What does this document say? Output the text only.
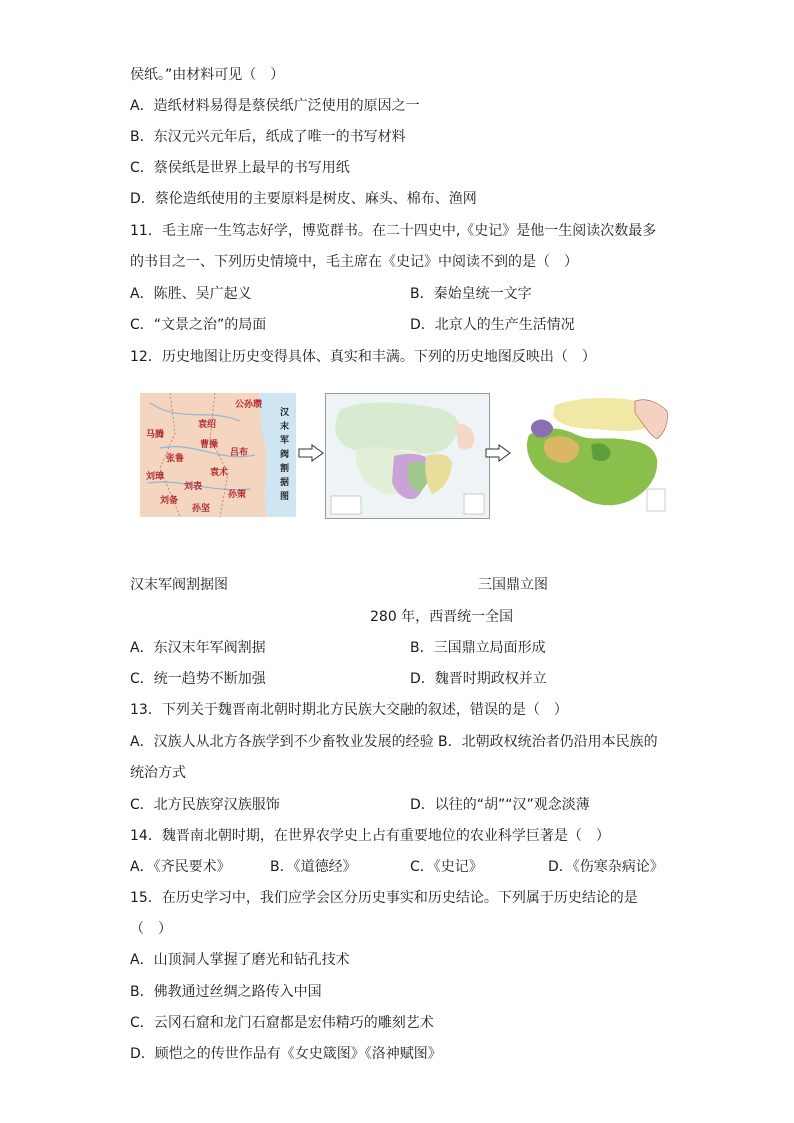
侯纸。”由材料可见（　）
A．造纸材料易得是蔡侯纸广泛使用的原因之一
B．东汉元兴元年后，纸成了唯一的书写材料
C．蔡侯纸是世界上最早的书写用纸
D．蔡伦造纸使用的主要原料是树皮、麻头、棉布、渔网
11．毛主席一生笃志好学，博览群书。在二十四史中,《史记》是他一生阅读次数最多
的书目之一、下列历史情境中，毛主席在《史记》中阅读不到的是（　）
A．陈胜、吴广起义	B．秦始皇统一文字
C．“文景之治”的局面	D．北京人的生产生活情况
12．历史地图让历史变得具体、真实和丰满。下列的历史地图反映出（　）
公孙瓒
袁绍
曹操
刘备
袁术
孙策
刘表
刘璋
马腾
吕布
张鲁
孙坚
汉
末
军
阀
割
据
图
汉末军阀割据图	三国鼎立图
280 年，西晋统一全国
A．东汉末年军阀割据	B．三国鼎立局面形成
C．统一趋势不断加强	D．魏晋时期政权并立
13．下列关于魏晋南北朝时期北方民族大交融的叙述，错误的是（　）
A．汉族人从北方各族学到不少畜牧业发展的经验 B．北朝政权统治者仍沿用本民族的
统治方式
C．北方民族穿汉族服饰	D．以往的“胡”“汉”观念淡薄
14．魏晋南北朝时期，在世界农学史上占有重要地位的农业科学巨著是（　）
A．《齐民要术》	B．《道德经》	C．《史记》	D．《伤寒杂病论》
15．在历史学习中，我们应学会区分历史事实和历史结论。下列属于历史结论的是
（　）
A．山顶洞人掌握了磨光和钻孔技术
B．佛教通过丝绸之路传入中国
C．云冈石窟和龙门石窟都是宏伟精巧的雕刻艺术
D．顾恺之的传世作品有《女史箴图》《洛神赋图》
